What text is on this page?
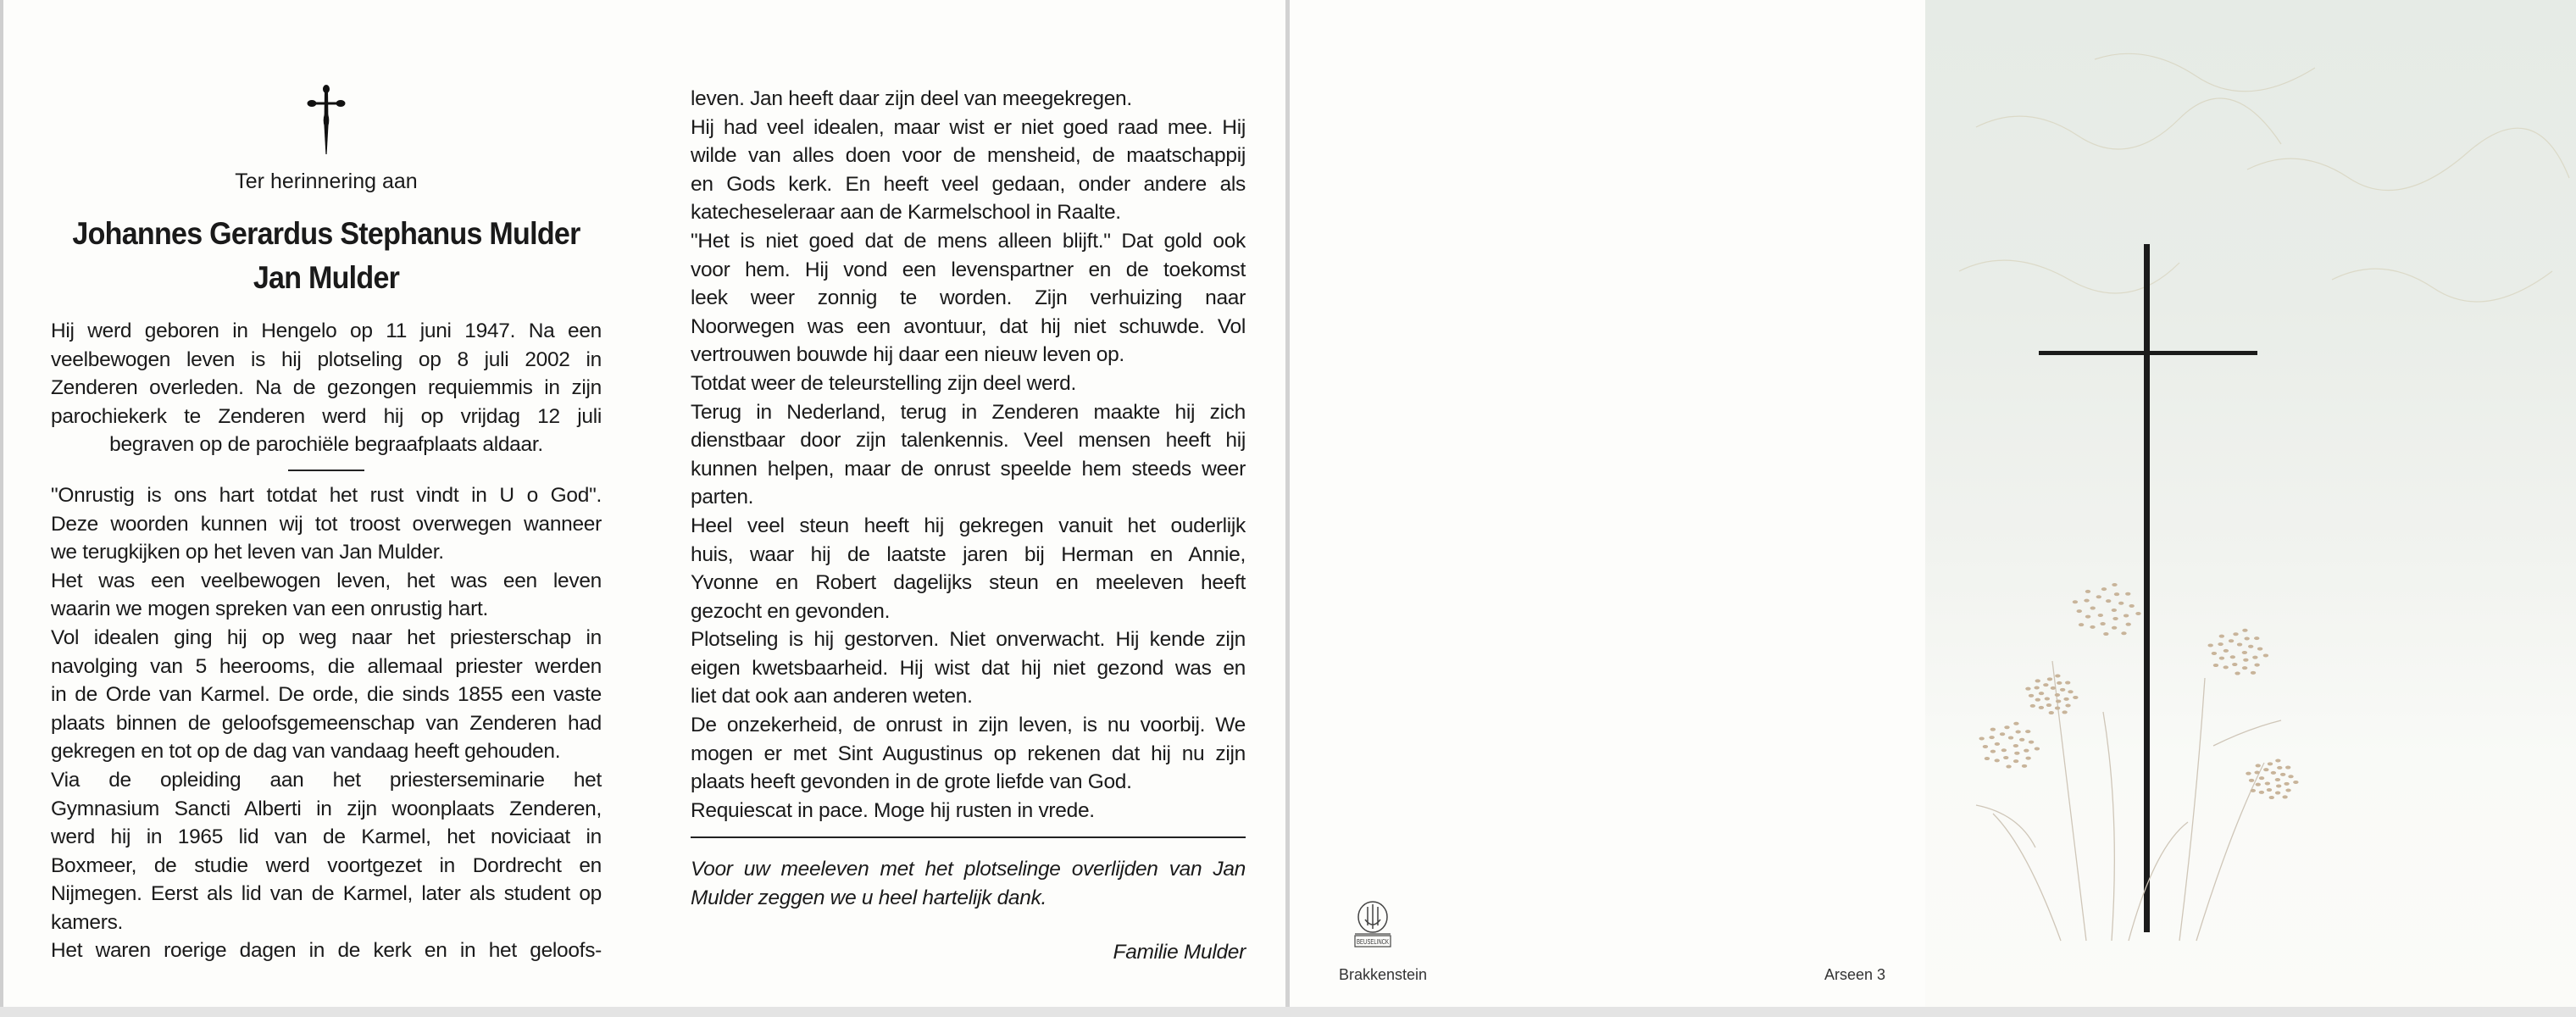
Ter herinnering aan
Johannes Gerardus Stephanus Mulder
Jan Mulder
Hij werd geboren in Hengelo op 11 juni 1947. Na een
veelbewogen leven is hij plotseling op 8 juli 2002 in
Zenderen overleden. Na de gezongen requiemmis in zijn
parochiekerk te Zenderen werd hij op vrijdag 12 juli
begraven op de parochiële begraafplaats aldaar.
"Onrustig is ons hart totdat het rust vindt in U o God".
Deze woorden kunnen wij tot troost overwegen wanneer
we terugkijken op het leven van Jan Mulder.
Het was een veelbewogen leven, het was een leven
waarin we mogen spreken van een onrustig hart.
Vol idealen ging hij op weg naar het priesterschap in
navolging van 5 heerooms, die allemaal priester werden
in de Orde van Karmel. De orde, die sinds 1855 een vaste
plaats binnen de geloofsgemeenschap van Zenderen had
gekregen en tot op de dag van vandaag heeft gehouden.
Via de opleiding aan het priesterseminarie het
Gymnasium Sancti Alberti in zijn woonplaats Zenderen,
werd hij in 1965 lid van de Karmel, het noviciaat in
Boxmeer, de studie werd voortgezet in Dordrecht en
Nijmegen. Eerst als lid van de Karmel, later als student op
kamers.
Het waren roerige dagen in de kerk en in het geloofs-
leven. Jan heeft daar zijn deel van meegekregen.
Hij had veel idealen, maar wist er niet goed raad mee. Hij
wilde van alles doen voor de mensheid, de maatschappij
en Gods kerk. En heeft veel gedaan, onder andere als
katecheseleraar aan de Karmelschool in Raalte.
"Het is niet goed dat de mens alleen blijft." Dat gold ook
voor hem. Hij vond een levenspartner en de toekomst
leek weer zonnig te worden. Zijn verhuizing naar
Noorwegen was een avontuur, dat hij niet schuwde. Vol
vertrouwen bouwde hij daar een nieuw leven op.
Totdat weer de teleurstelling zijn deel werd.
Terug in Nederland, terug in Zenderen maakte hij zich
dienstbaar door zijn talenkennis. Veel mensen heeft hij
kunnen helpen, maar de onrust speelde hem steeds weer
parten.
Heel veel steun heeft hij gekregen vanuit het ouderlijk
huis, waar hij de laatste jaren bij Herman en Annie,
Yvonne en Robert dagelijks steun en meeleven heeft
gezocht en gevonden.
Plotseling is hij gestorven. Niet onverwacht. Hij kende zijn
eigen kwetsbaarheid. Hij wist dat hij niet gezond was en
liet dat ook aan anderen weten.
De onzekerheid, de onrust in zijn leven, is nu voorbij. We
mogen er met Sint Augustinus op rekenen dat hij nu zijn
plaats heeft gevonden in de grote liefde van God.
Requiescat in pace. Moge hij rusten in vrede.
Voor uw meeleven met het plotselinge overlijden van Jan
Mulder zeggen we u heel hartelijk dank.
Familie Mulder	BEUSELINCK
Brakkenstein	Arseen 3
